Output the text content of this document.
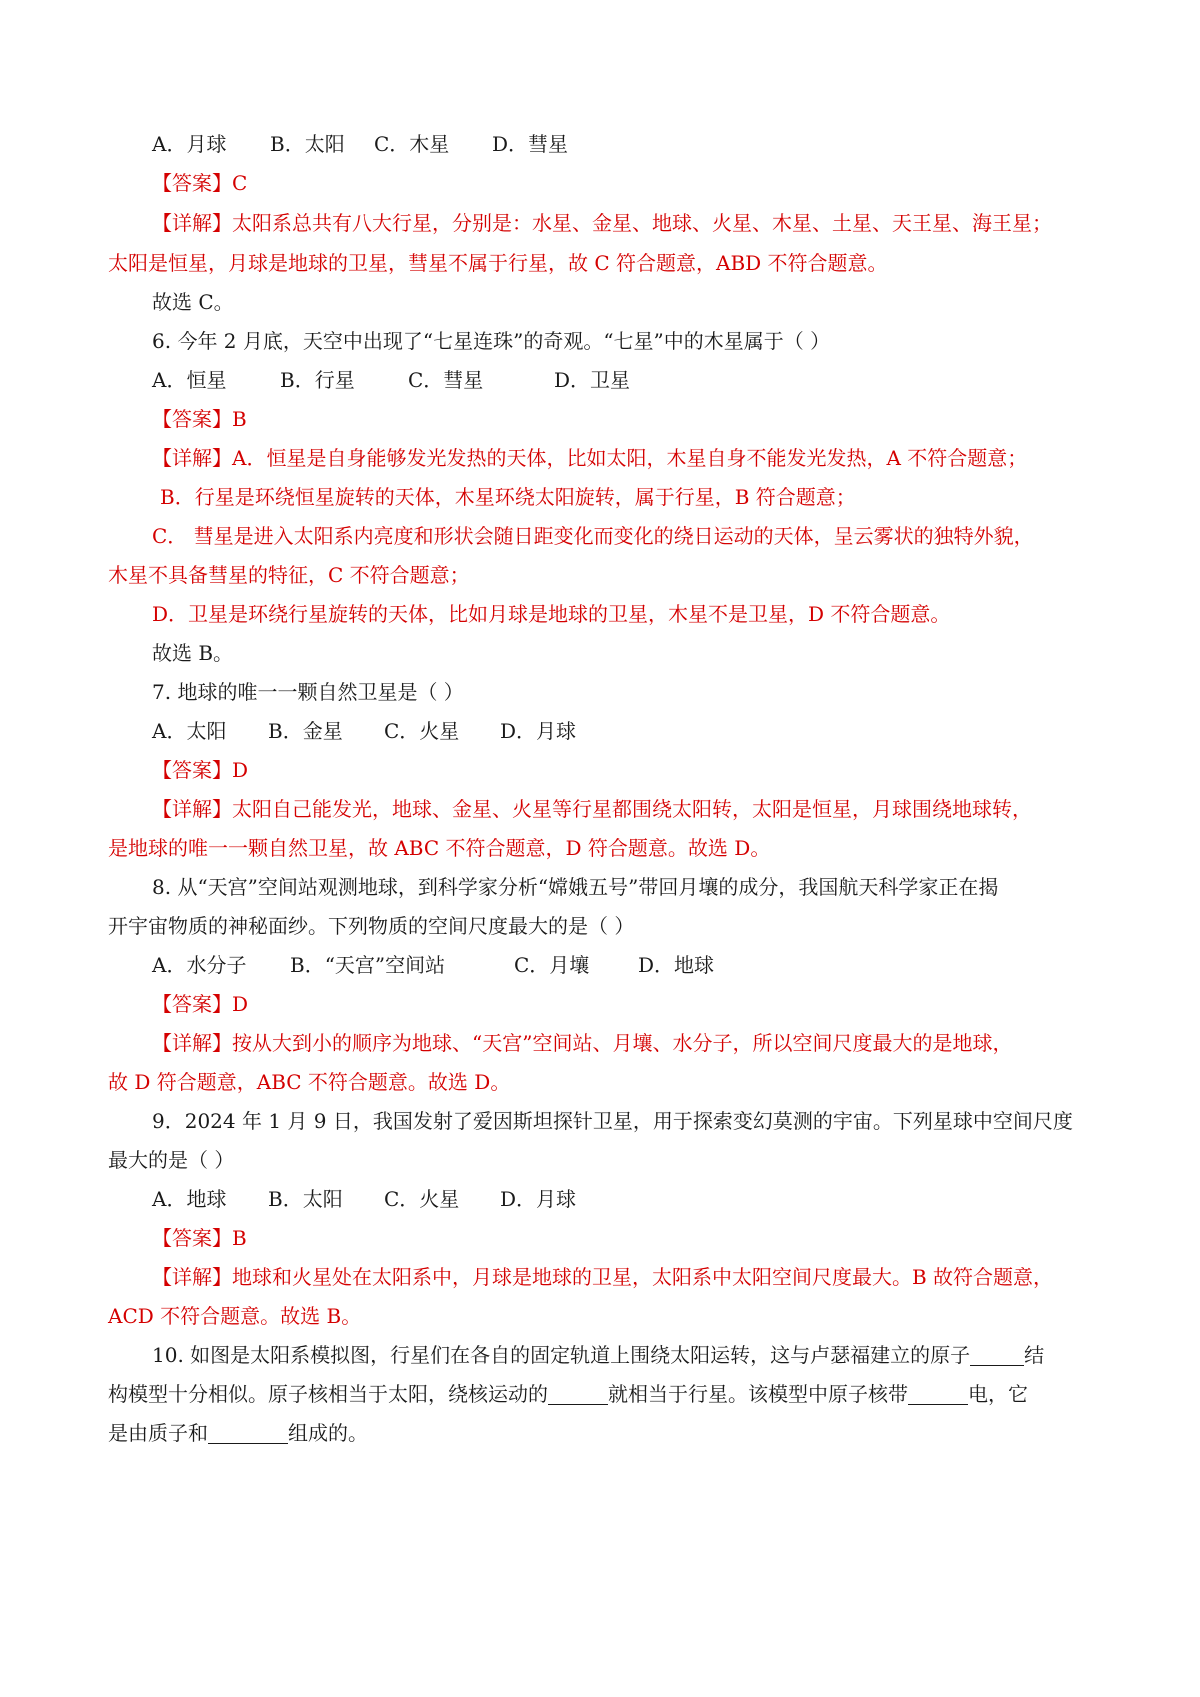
A．月球 B．太阳 C．木星 D．彗星
【答案】C
【详解】太阳系总共有八大行星，分别是：水星、金星、地球、火星、木星、土星、天王星、海王星；
太阳是恒星，月球是地球的卫星，彗星不属于行星，故 C 符合题意，ABD 不符合题意。
故选 C。
6. 今年 2 月底，天空中出现了“七星连珠”的奇观。“七星”中的木星属于（ ）
A．恒星	B．行星	C．彗星	D．卫星
【答案】B
【详解】A．恒星是自身能够发光发热的天体，比如太阳，木星自身不能发光发热，A 不符合题意；
B．行星是环绕恒星旋转的天体，木星环绕太阳旋转，属于行星，B 符合题意；
C． 彗星是进入太阳系内亮度和形状会随日距变化而变化的绕日运动的天体，呈云雾状的独特外貌，
木星不具备彗星的特征，C 不符合题意；
D．卫星是环绕行星旋转的天体，比如月球是地球的卫星，木星不是卫星，D 不符合题意。
故选 B。
7. 地球的唯一一颗自然卫星是（ ）
A．太阳 B．金星 C．火星 D．月球
【答案】D
【详解】太阳自己能发光，地球、金星、火星等行星都围绕太阳转，太阳是恒星，月球围绕地球转，
是地球的唯一一颗自然卫星，故 ABC 不符合题意，D 符合题意。故选 D。
8. 从“天宫”空间站观测地球，到科学家分析“嫦娥五号”带回月壤的成分，我国航天科学家正在揭
开宇宙物质的神秘面纱。下列物质的空间尺度最大的是（ ）
A．水分子 B．“天宫”空间站	C．月壤 D．地球
【答案】D
【详解】按从大到小的顺序为地球、“天宫”空间站、月壤、水分子，所以空间尺度最大的是地球，
故 D 符合题意，ABC 不符合题意。故选 D。
9．2024 年 1 月 9 日，我国发射了爱因斯坦探针卫星，用于探索变幻莫测的宇宙。下列星球中空间尺度
最大的是（ ）
A．地球 B．太阳 C．火星 D．月球
【答案】B
【详解】地球和火星处在太阳系中，月球是地球的卫星，太阳系中太阳空间尺度最大。B 故符合题意，
ACD 不符合题意。故选 B。
10. 如图是太阳系模拟图，行星们在各自的固定轨道上围绕太阳运转，这与卢瑟福建立的原子	结
构模型十分相似。原子核相当于太阳，绕核运动的	就相当于行星。该模型中原子核带	电，它
是由质子和	组成的。
